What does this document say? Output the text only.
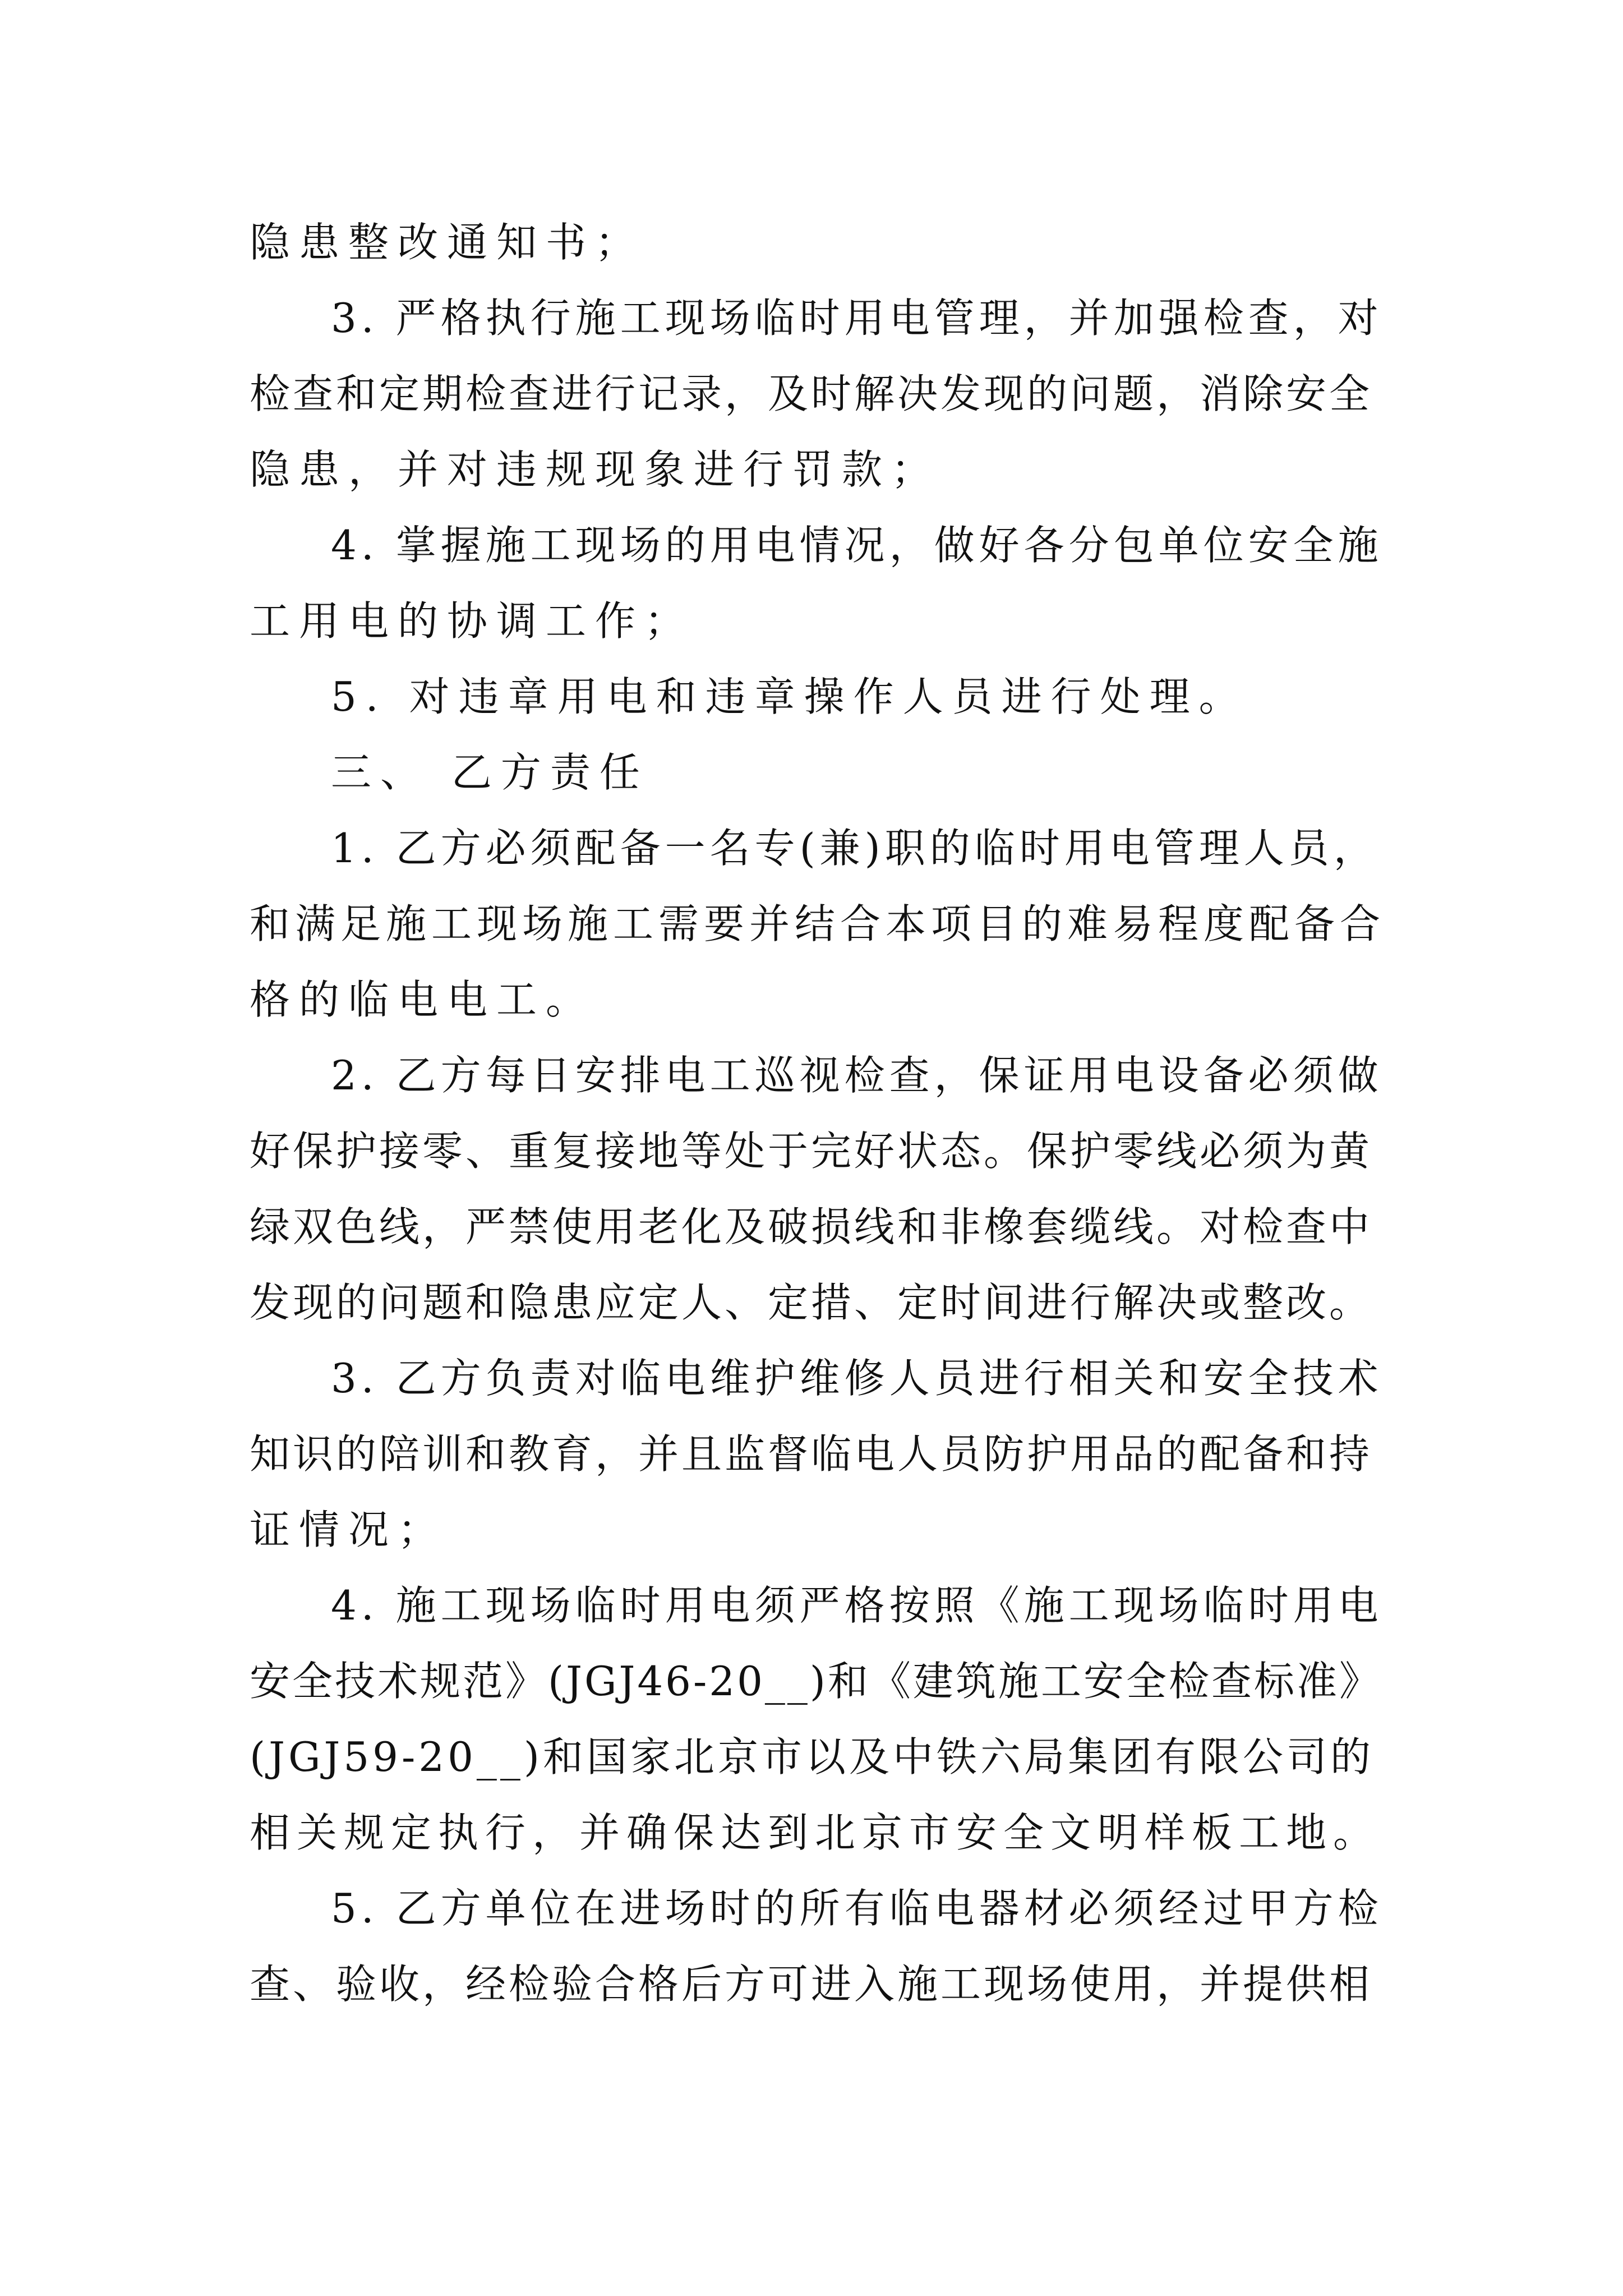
隐患整改通知书；
3. 严格执行施工现场临时用电管理，并加强检查，对
检查和定期检查进行记录，及时解决发现的问题，消除安全
隐患，并对违规现象进行罚款；
4. 掌握施工现场的用电情况，做好各分包单位安全施
工用电的协调工作；
5. 对违章用电和违章操作人员进行处理。
三、 乙方责任
1. 乙方必须配备一名专(兼)职的临时用电管理人员，
和满足施工现场施工需要并结合本项目的难易程度配备合
格的临电电工。
2. 乙方每日安排电工巡视检查，保证用电设备必须做
好保护接零、重复接地等处于完好状态。保护零线必须为黄
绿双色线，严禁使用老化及破损线和非橡套缆线。对检查中
发现的问题和隐患应定人、定措、定时间进行解决或整改。
3. 乙方负责对临电维护维修人员进行相关和安全技术
知识的陪训和教育，并且监督临电人员防护用品的配备和持
证情况；
4. 施工现场临时用电须严格按照《施工现场临时用电
安全技术规范》(JGJ46-20__)和《建筑施工安全检查标准》
(JGJ59-20__)和国家北京市以及中铁六局集团有限公司的
相关规定执行，并确保达到北京市安全文明样板工地。
5. 乙方单位在进场时的所有临电器材必须经过甲方检
查、验收，经检验合格后方可进入施工现场使用，并提供相
